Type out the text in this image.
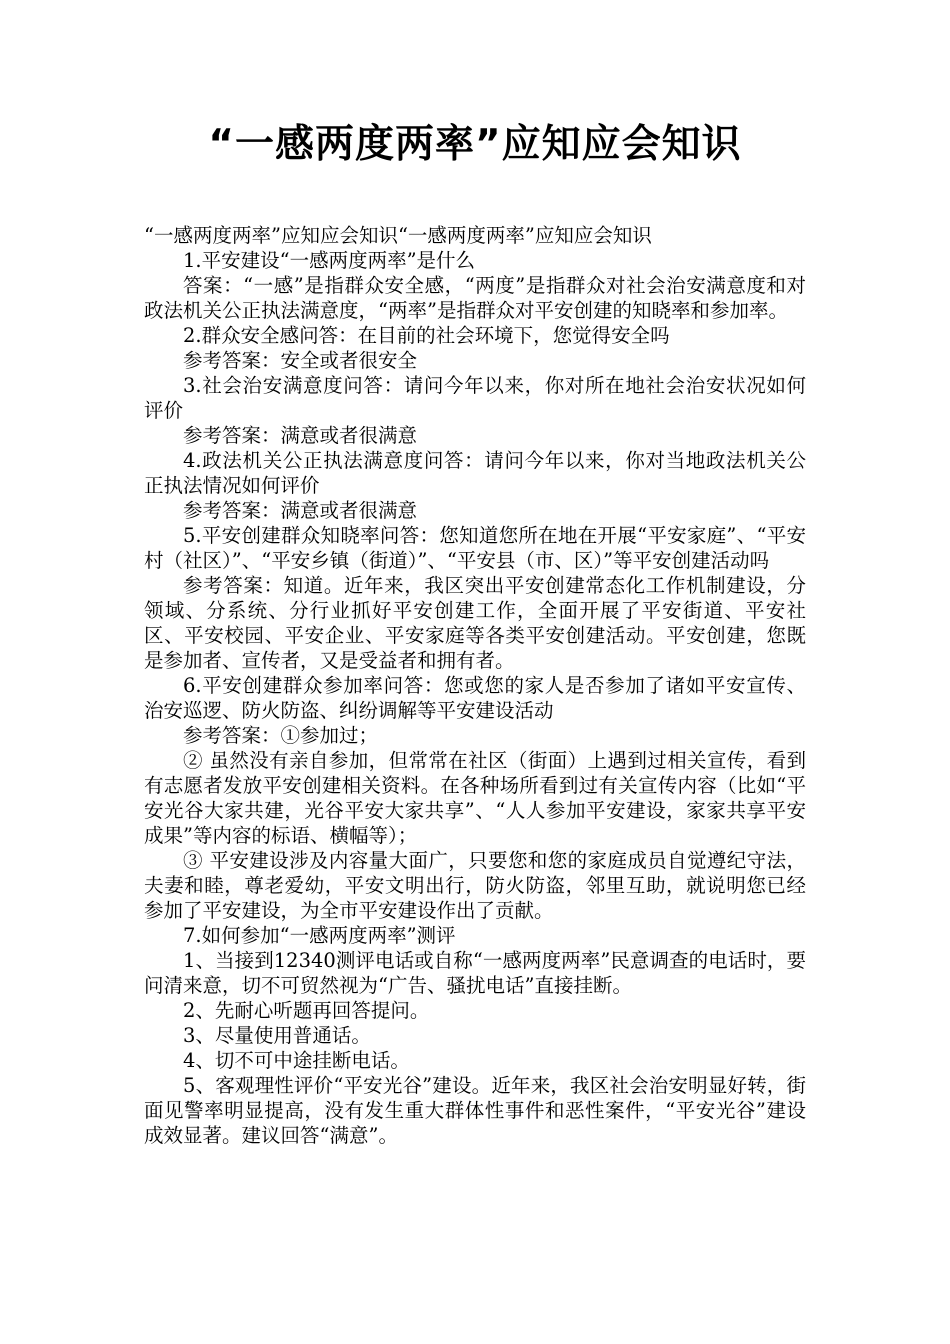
“一感两度两率”应知应会知识

“一感两度两率”应知应会知识“一感两度两率”应知应会知识

1.平安建设“一感两度两率”是什么

答案：“一感”是指群众安全感，“两度”是指群众对社会治安满意度和对政法机关公正执法满意度，“两率”是指群众对平安创建的知晓率和参加率。

2.群众安全感问答：在目前的社会环境下，您觉得安全吗

参考答案：安全或者很安全

3.社会治安满意度问答：请问今年以来，你对所在地社会治安状况如何评价

参考答案：满意或者很满意

4.政法机关公正执法满意度问答：请问今年以来，你对当地政法机关公正执法情况如何评价

参考答案：满意或者很满意

5.平安创建群众知晓率问答：您知道您所在地在开展“平安家庭”、“平安村（社区）”、“平安乡镇（街道）”、“平安县（市、区）”等平安创建活动吗

参考答案：知道。近年来，我区突出平安创建常态化工作机制建设，分领域、分系统、分行业抓好平安创建工作，全面开展了平安街道、平安社区、平安校园、平安企业、平安家庭等各类平安创建活动。平安创建，您既是参加者、宣传者，又是受益者和拥有者。

6.平安创建群众参加率问答：您或您的家人是否参加了诸如平安宣传、治安巡逻、防火防盗、纠纷调解等平安建设活动

参考答案：①参加过；

② 虽然没有亲自参加，但常常在社区（街面）上遇到过相关宣传，看到有志愿者发放平安创建相关资料。在各种场所看到过有关宣传内容（比如“平安光谷大家共建，光谷平安大家共享”、“人人参加平安建设，家家共享平安成果”等内容的标语、横幅等）；

③ 平安建设涉及内容量大面广，只要您和您的家庭成员自觉遵纪守法，夫妻和睦，尊老爱幼，平安文明出行，防火防盗，邻里互助，就说明您已经参加了平安建设，为全市平安建设作出了贡献。

7.如何参加“一感两度两率”测评

1、当接到12340测评电话或自称“一感两度两率”民意调查的电话时，要问清来意，切不可贸然视为“广告、骚扰电话”直接挂断。

2、先耐心听题再回答提问。

3、尽量使用普通话。

4、切不可中途挂断电话。

5、客观理性评价“平安光谷”建设。近年来，我区社会治安明显好转，街面见警率明显提高，没有发生重大群体性事件和恶性案件，“平安光谷”建设成效显著。建议回答“满意”。
